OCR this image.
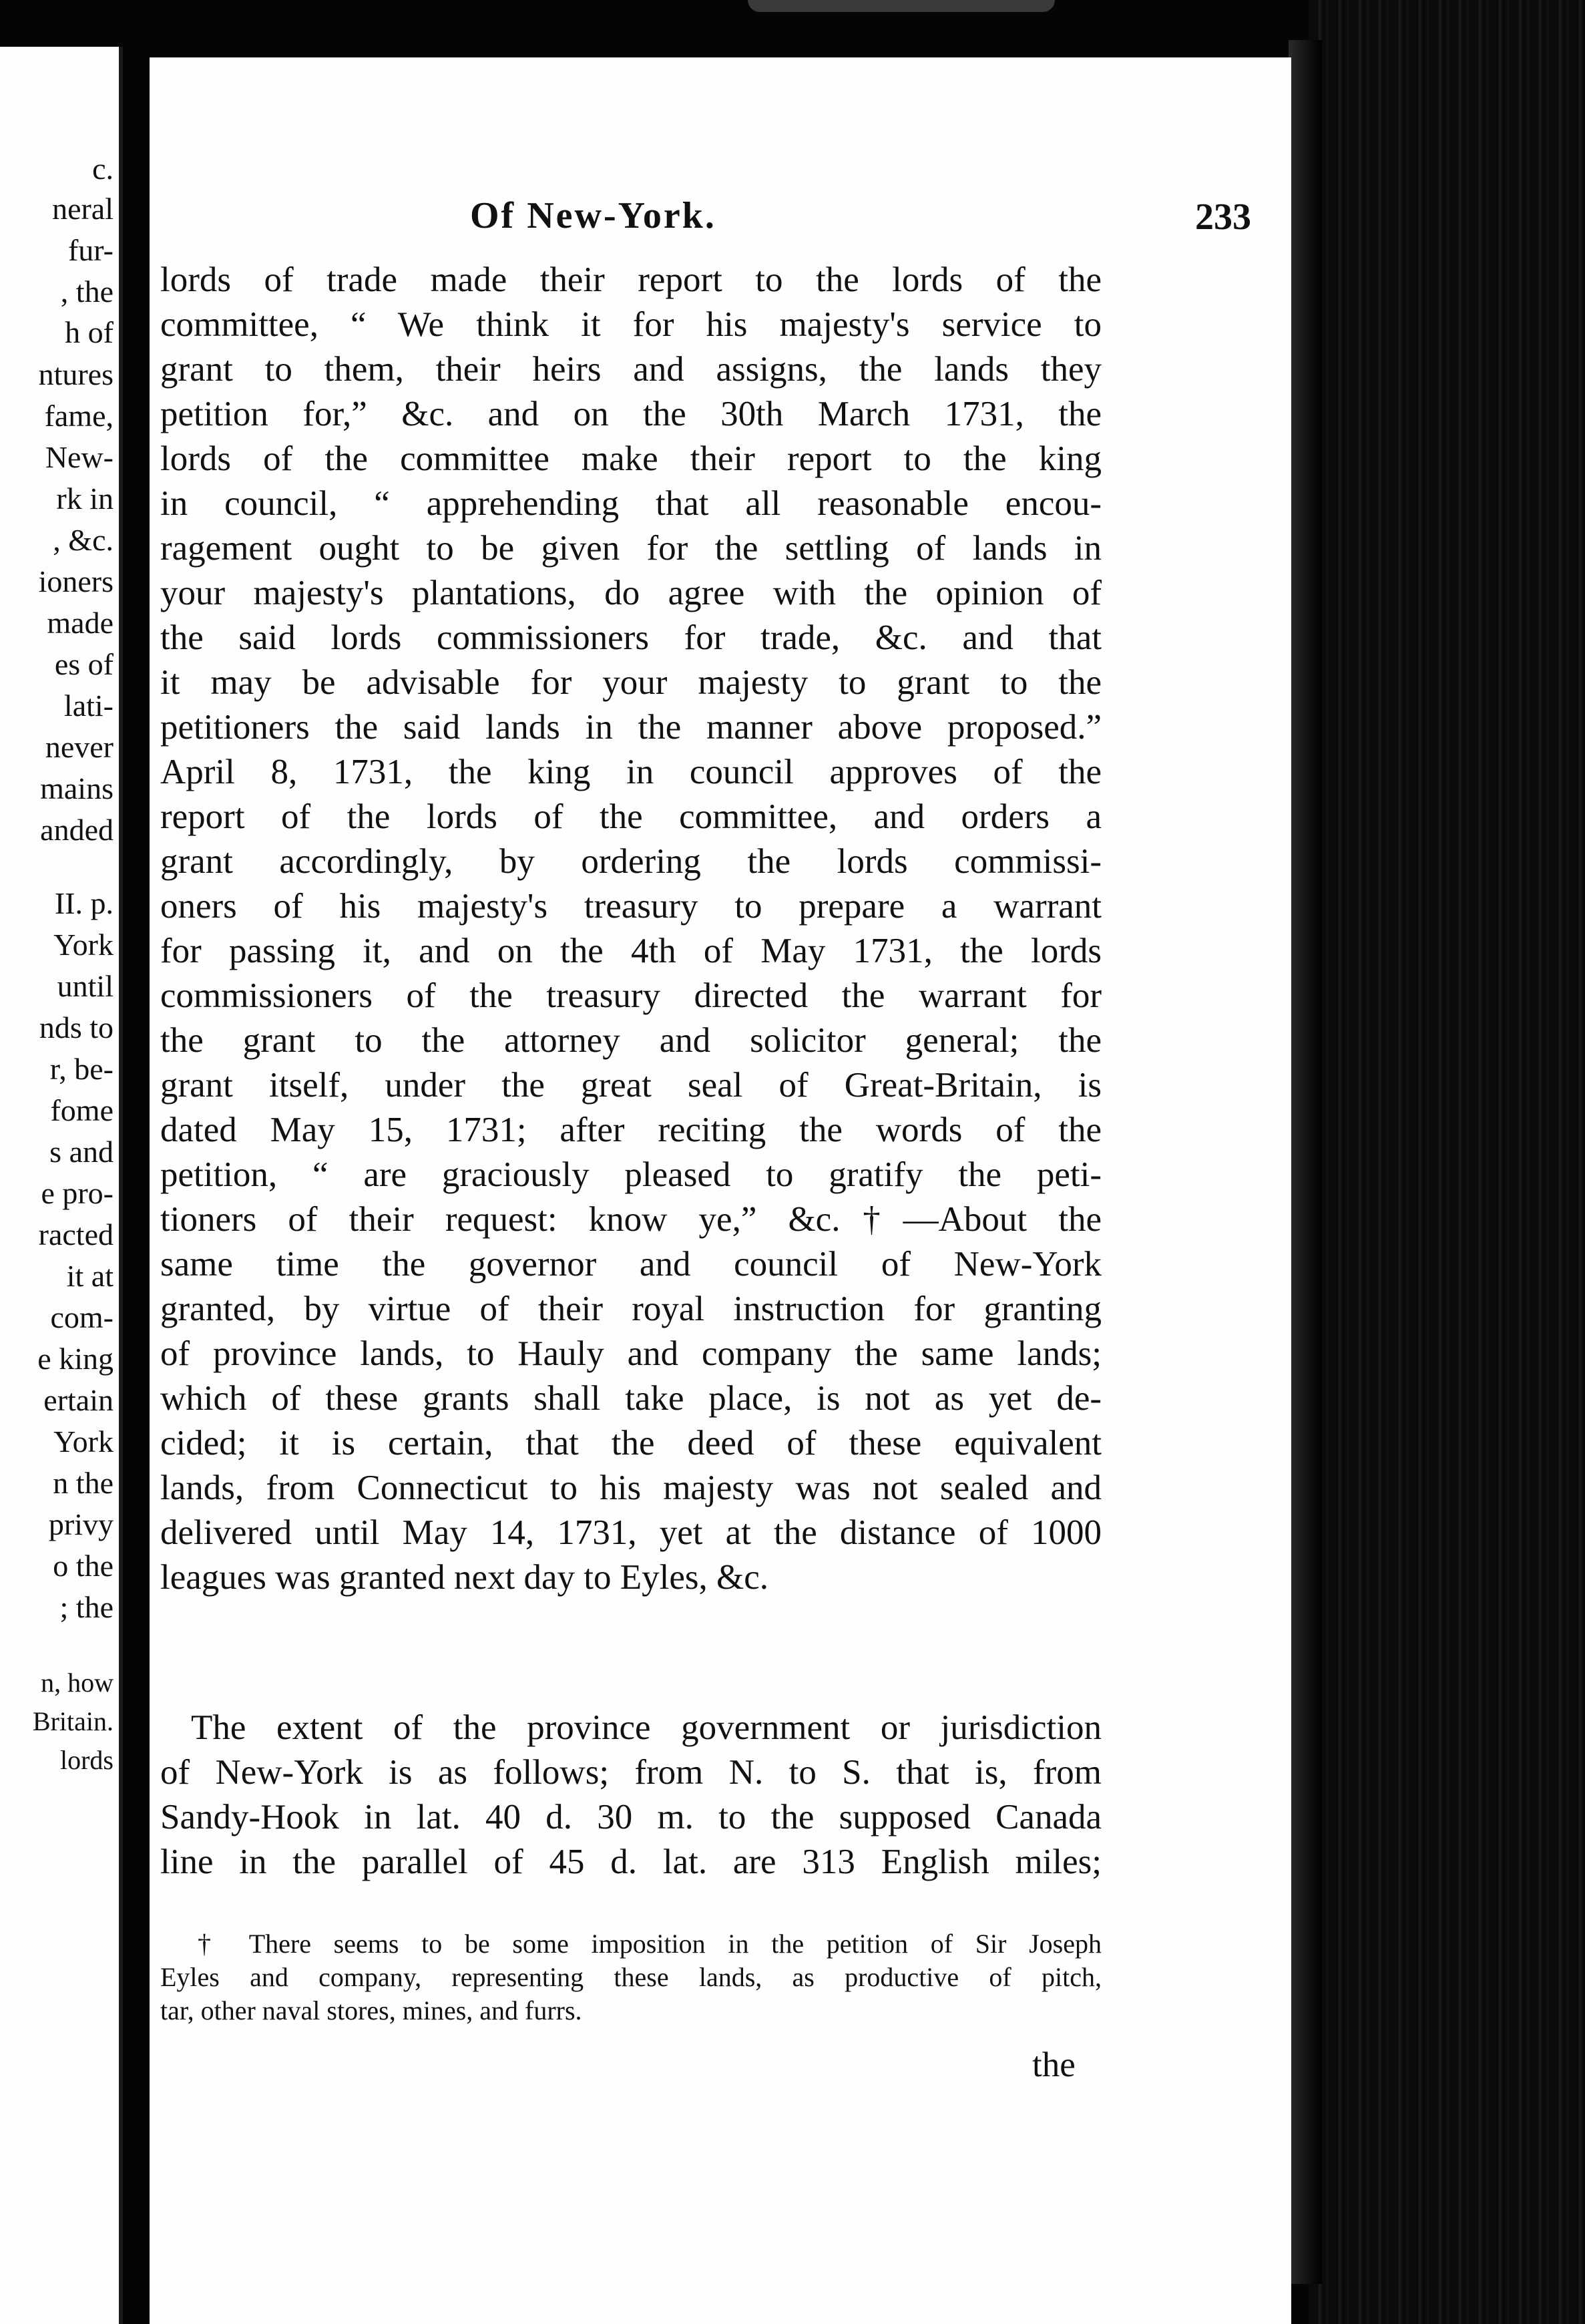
c.
neral
fur-
, the
h of
ntures
fame,
New-
rk in
, &c.
ioners
made
es of
lati-
never
mains
anded
II. p.
York
until
nds to
r, be-
fome
s and
e pro-
racted
it at
com-
e king
ertain
York
n the
privy
o the
; the
n, how
Britain.
lords
Of New-York.	233
lords of trade made their report to the lords of the
committee, “ We think it for his majesty's service to
grant to them, their heirs and assigns, the lands they
petition for,” &c. and on the 30th March 1731, the
lords of the committee make their report to the king
in council, “ apprehending that all reasonable encou-
ragement ought to be given for the settling of lands in
your majesty's plantations, do agree with the opinion of
the said lords commissioners for trade, &c. and that
it may be advisable for your majesty to grant to the
petitioners the said lands in the manner above proposed.”
April 8, 1731, the king in council approves of the
report of the lords of the committee, and orders a
grant accordingly, by ordering the lords commissi-
oners of his majesty's treasury to prepare a warrant
for passing it, and on the 4th of May 1731, the lords
commissioners of the treasury directed the warrant for
the grant to the attorney and solicitor general; the
grant itself, under the great seal of Great-Britain, is
dated May 15, 1731; after reciting the words of the
petition, “ are graciously pleased to gratify the peti-
tioners of their request: know ye,” &c.†—About the
same time the governor and council of New-York
granted, by virtue of their royal instruction for granting
of province lands, to Hauly and company the same lands;
which of these grants shall take place, is not as yet de-
cided; it is certain, that the deed of these equivalent
lands, from Connecticut to his majesty was not sealed and
delivered until May 14, 1731, yet at the distance of 1000
leagues was granted next day to Eyles, &c.
The extent of the province government or jurisdiction
of New-York is as follows; from N. to S. that is, from
Sandy-Hook in lat. 40 d. 30 m. to the supposed Canada
line in the parallel of 45 d. lat. are 313 English miles;
† There seems to be some imposition in the petition of Sir Joseph
Eyles and company, representing these lands, as productive of pitch,
tar, other naval stores, mines, and furrs.
the
